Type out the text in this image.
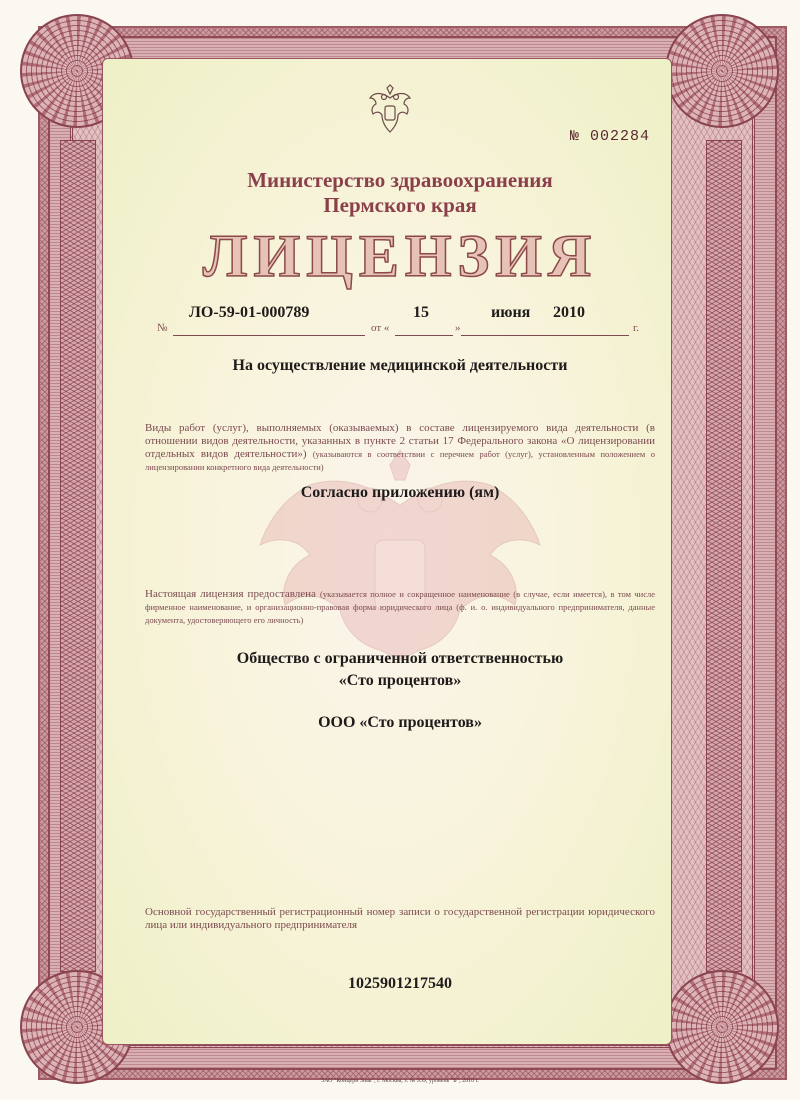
№ 002284
Министерство здравоохранения
Пермского края
ЛИЦЕНЗИЯ
№
ЛО-59-01-000789
от «
15
»
июня 2010
г.
На осуществление медицинской деятельности
Виды работ (услуг), выполняемых (оказываемых) в составе лицензируемого вида деятельности (в отношении видов деятельности, указанных в пункте 2 статьи 17 Федерального закона «О лицензировании отдельных видов деятельности») (указываются в соответствии с перечнем работ (услуг), установленным положением о лицензировании конкретного вида деятельности)
Согласно приложению (ям)
Настоящая лицензия предоставлена (указывается полное и сокращенное наименование (в случае, если имеется), в том числе фирменное наименование, и организационно-правовая форма юридического лица (ф. и. о. индивидуального предпринимателя, данные документа, удостоверяющего его личность)
Общество с ограниченной ответственностью
«Сто процентов»
ООО «Сто процентов»
Основной государственный регистрационный номер записи о государственной регистрации юридического лица или индивидуального предпринимателя
1025901217540
ЗАО "Концерн Знак", г. Москва, з. № 939, уровень "Б", 2010 г.
